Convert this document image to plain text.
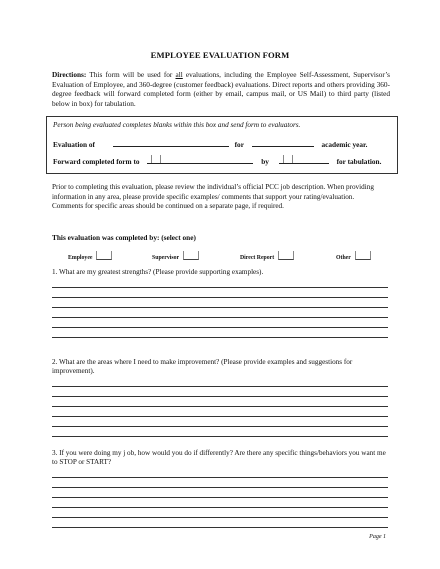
EMPLOYEE EVALUATION FORM
Directions: This form will be used for all evaluations, including the Employee Self-Assessment, Supervisor’s Evaluation of Employee, and 360-degree (customer feedback) evaluations. Direct reports and others providing 360-degree feedback will forward completed form (either by email, campus mail, or US Mail) to third party (listed below in box) for tabulation.
Person being evaluated completes blanks within this box and send form to evaluators.
Evaluation of	for	academic year.
Forward completed form to	by	for tabulation.
Prior to completing this evaluation, please review the individual’s official PCC job description. When providing information in any area, please provide specific examples/ comments that support your rating/evaluation. Comments for specific areas should be continued on a separate page, if required.
This evaluation was completed by: (select one)
Employee	Supervisor	Direct Report	Other
1. What are my greatest strengths? (Please provide supporting examples).
2. What are the areas where I need to make improvement? (Please provide examples and suggestions for improvement).
3. If you were doing my j ob, how would you do if differently? Are there any specific things/behaviors you want me to STOP or START?
Page 1
